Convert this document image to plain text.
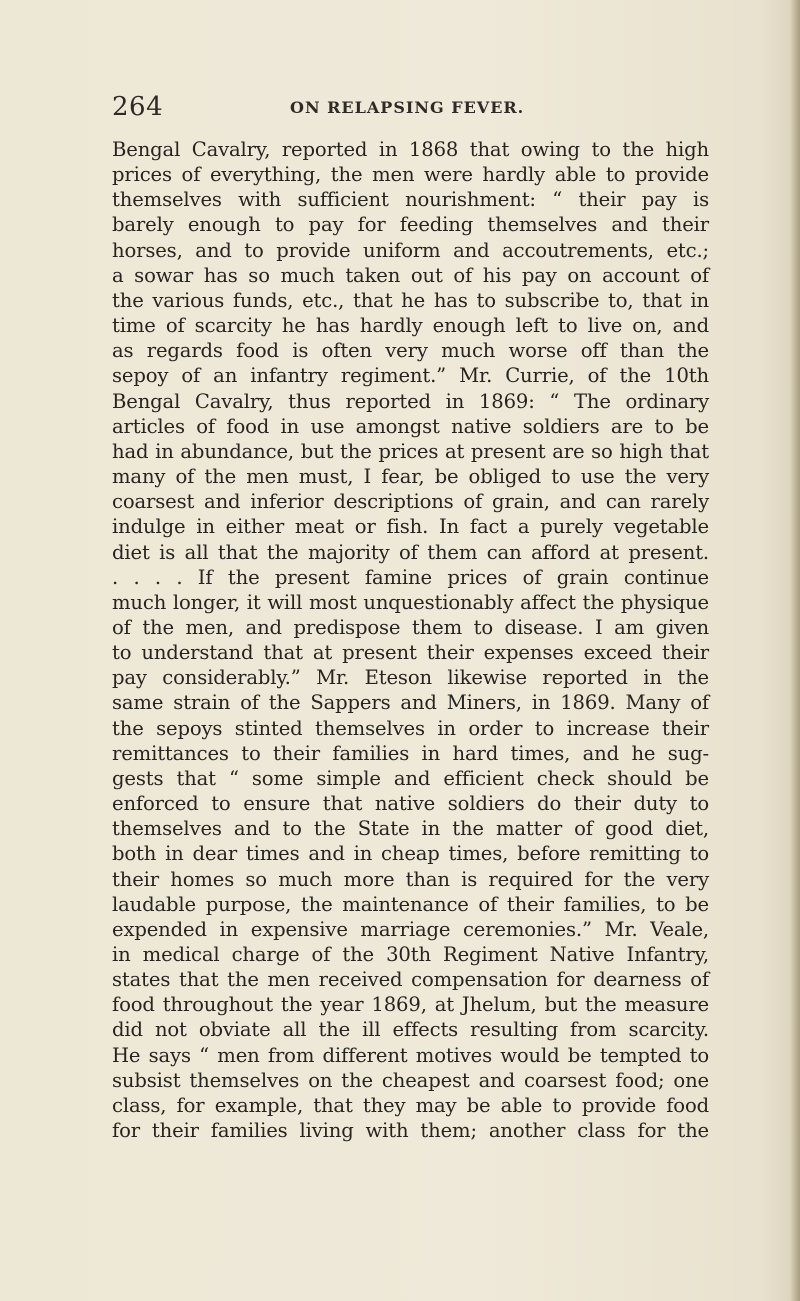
264	ON RELAPSING FEVER.
Bengal Cavalry, reported in 1868 that owing to the high
prices of everything, the men were hardly able to provide
themselves with sufficient nourishment: “ their pay is
barely enough to pay for feeding themselves and their
horses, and to provide uniform and accoutrements, etc.;
a sowar has so much taken out of his pay on account of
the various funds, etc., that he has to subscribe to, that in
time of scarcity he has hardly enough left to live on, and
as regards food is often very much worse off than the
sepoy of an infantry regiment.” Mr. Currie, of the 10th
Bengal Cavalry, thus reported in 1869: “ The ordinary
articles of food in use amongst native soldiers are to be
had in abundance, but the prices at present are so high that
many of the men must, I fear, be obliged to use the very
coarsest and inferior descriptions of grain, and can rarely
indulge in either meat or fish. In fact a purely vegetable
diet is all that the majority of them can afford at present.
. . . . If the present famine prices of grain continue
much longer, it will most unquestionably affect the physique
of the men, and predispose them to disease. I am given
to understand that at present their expenses exceed their
pay considerably.” Mr. Eteson likewise reported in the
same strain of the Sappers and Miners, in 1869. Many of
the sepoys stinted themselves in order to increase their
remittances to their families in hard times, and he sug-
gests that “ some simple and efficient check should be
enforced to ensure that native soldiers do their duty to
themselves and to the State in the matter of good diet,
both in dear times and in cheap times, before remitting to
their homes so much more than is required for the very
laudable purpose, the maintenance of their families, to be
expended in expensive marriage ceremonies.” Mr. Veale,
in medical charge of the 30th Regiment Native Infantry,
states that the men received compensation for dearness of
food throughout the year 1869, at Jhelum, but the measure
did not obviate all the ill effects resulting from scarcity.
He says “ men from different motives would be tempted to
subsist themselves on the cheapest and coarsest food; one
class, for example, that they may be able to provide food
for their families living with them; another class for the
